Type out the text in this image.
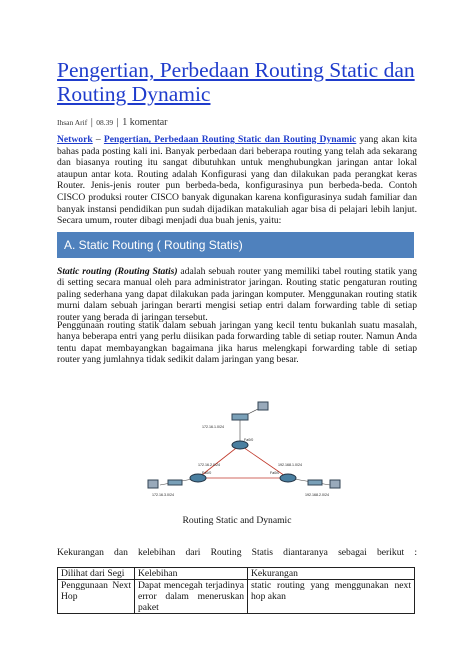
Pengertian, Perbedaan Routing Static dan Routing Dynamic
Ihsan Arif │ 08.39 │ 1 komentar

Network – Pengertian, Perbedaan Routing Static dan Routing Dynamic yang akan kita bahas pada posting kali ini. Banyak perbedaan dari beberapa routing yang telah ada sekarang dan biasanya routing itu sangat dibutuhkan untuk menghubungkan jaringan antar lokal ataupun antar kota. Routing adalah Konfigurasi yang dan dilakukan pada perangkat keras Router. Jenis-jenis router pun berbeda-beda, konfigurasinya pun berbeda-beda. Contoh CISCO produksi router CISCO banyak digunakan karena konfigurasinya sudah familiar dan banyak instansi pendidikan pun sudah dijadikan matakuliah agar bisa di pelajari lebih lanjut. Secara umum, router dibagi menjadi dua buah jenis, yaitu:

A. Static Routing ( Routing Statis)

Static routing (Routing Statis) adalah sebuah router yang memiliki tabel routing statik yang di setting secara manual oleh para administrator jaringan. Routing static pengaturan routing paling sederhana yang dapat dilakukan pada jaringan komputer. Menggunakan routing statik murni dalam sebuah jaringan berarti mengisi setiap entri dalam forwarding table di setiap router yang berada di jaringan tersebut.

Penggunaan routing statik dalam sebuah jaringan yang kecil tentu bukanlah suatu masalah, hanya beberapa entri yang perlu diisikan pada forwarding table di setiap router. Namun Anda tentu dapat membayangkan bagaimana jika harus melengkapi forwarding table di setiap router yang jumlahnya tidak sedikit dalam jaringan yang besar.

172.16.1.0/24
Fa0/0
172.16.2.0/24	192.168.1.0/24
172.16.3.0/24	192.168.2.0/24
Fa0/0	Fa0/0
Routing Static and Dynamic
Kekurangan dan kelebihan dari Routing Statis diantaranya sebagai berikut :
Dilihat dari Segi	Kelebihan	Kekurangan
Penggunaan Next Hop	Dapat mencegah terjadinya error dalam meneruskan paket	static routing yang menggunakan next hop akan
